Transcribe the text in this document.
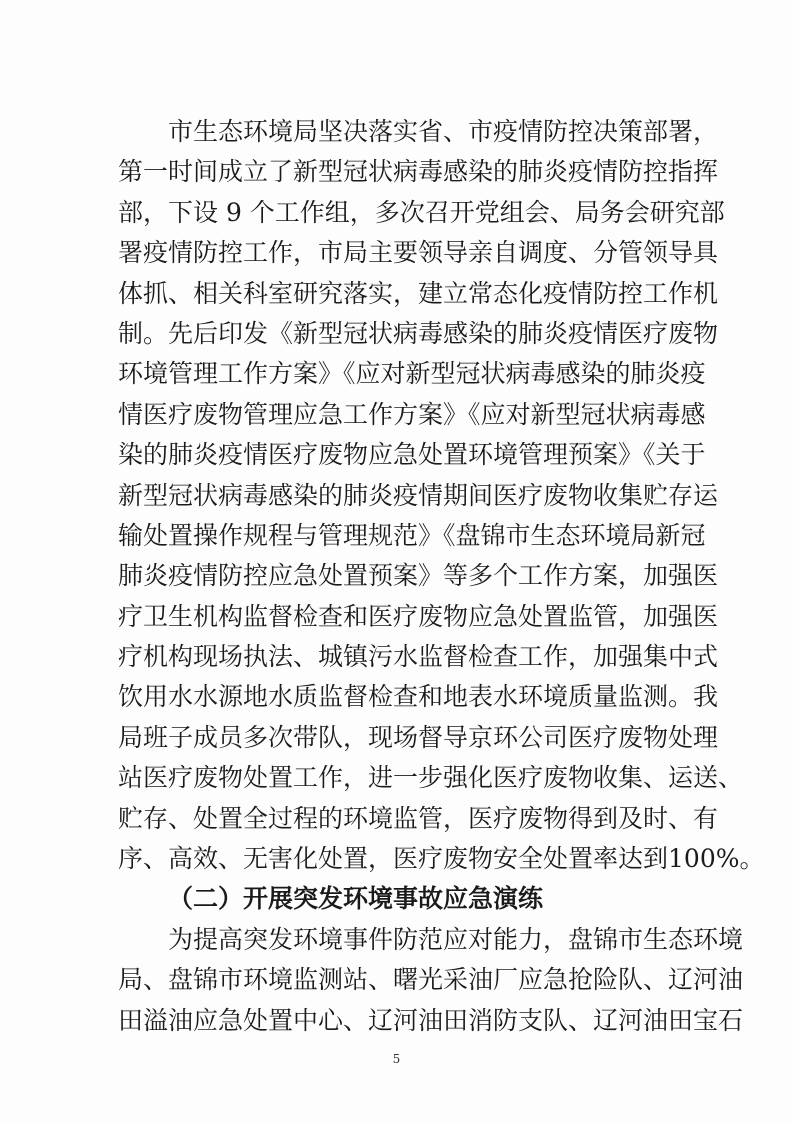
市生态环境局坚决落实省、市疫情防控决策部署，
第一时间成立了新型冠状病毒感染的肺炎疫情防控指挥
部，下设 9 个工作组，多次召开党组会、局务会研究部
署疫情防控工作，市局主要领导亲自调度、分管领导具
体抓、相关科室研究落实，建立常态化疫情防控工作机
制。先后印发《新型冠状病毒感染的肺炎疫情医疗废物
环境管理工作方案》《应对新型冠状病毒感染的肺炎疫
情医疗废物管理应急工作方案》《应对新型冠状病毒感
染的肺炎疫情医疗废物应急处置环境管理预案》《关于
新型冠状病毒感染的肺炎疫情期间医疗废物收集贮存运
输处置操作规程与管理规范》《盘锦市生态环境局新冠
肺炎疫情防控应急处置预案》等多个工作方案，加强医
疗卫生机构监督检查和医疗废物应急处置监管，加强医
疗机构现场执法、城镇污水监督检查工作，加强集中式
饮用水水源地水质监督检查和地表水环境质量监测。我
局班子成员多次带队，现场督导京环公司医疗废物处理
站医疗废物处置工作，进一步强化医疗废物收集、运送、
贮存、处置全过程的环境监管，医疗废物得到及时、有
序、高效、无害化处置，医疗废物安全处置率达到100%。
（二）开展突发环境事故应急演练
为提高突发环境事件防范应对能力，盘锦市生态环境
局、盘锦市环境监测站、曙光采油厂应急抢险队、辽河油
田溢油应急处置中心、辽河油田消防支队、辽河油田宝石
5
